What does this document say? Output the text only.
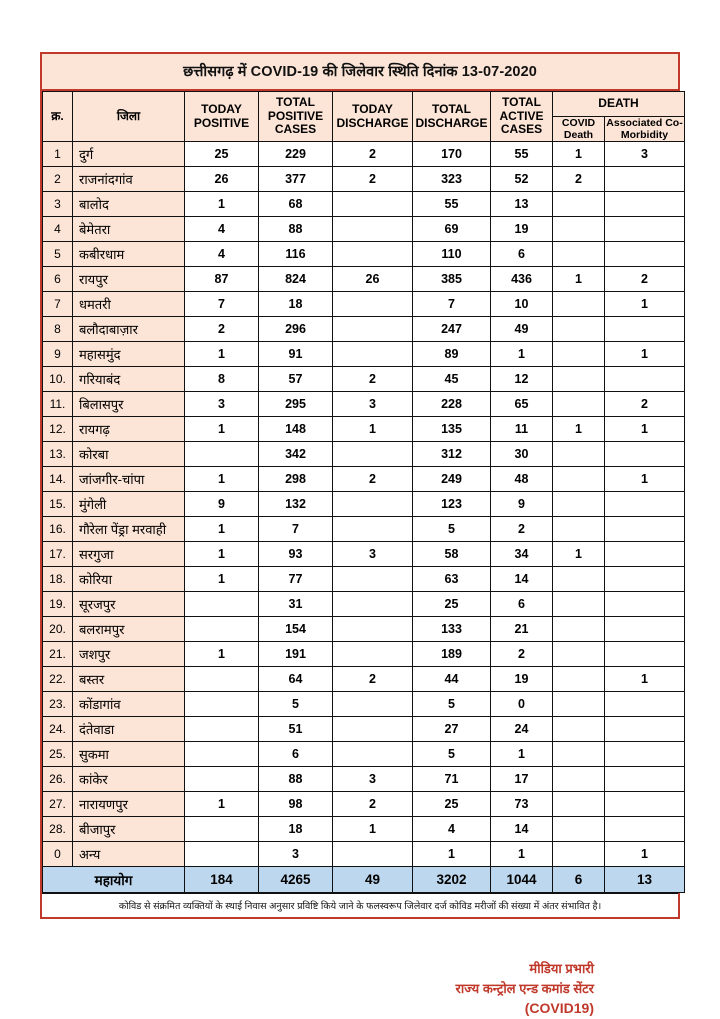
छत्तीसगढ़ में COVID-19 की जिलेवार स्थिति दिनांक 13-07-2020
क्र.	जिला	TODAY POSITIVE	TOTAL POSITIVE CASES	TODAY DISCHARGE	TOTAL DISCHARGE	TOTAL ACTIVE CASES	DEATH	
							COVID Death	Associated Co-Morbidity
1	दुर्ग	25	229	2	170	55	1	3
2	राजनांदगांव	26	377	2	323	52	2	
3	बालोद	1	68		55	13		
4	बेमेतरा	4	88		69	19		
5	कबीरधाम	4	116		110	6		
6	रायपुर	87	824	26	385	436	1	2
7	धमतरी	7	18		7	10		1
8	बलौदाबाज़ार	2	296		247	49		
9	महासमुंद	1	91		89	1		1
10.	गरियाबंद	8	57	2	45	12		
11.	बिलासपुर	3	295	3	228	65		2
12.	रायगढ़	1	148	1	135	11	1	1
13.	कोरबा		342		312	30		
14.	जांजगीर-चांपा	1	298	2	249	48		1
15.	मुंगेली	9	132		123	9		
16.	गौरेला पेंड्रा मरवाही	1	7		5	2		
17.	सरगुजा	1	93	3	58	34	1	
18.	कोरिया	1	77		63	14		
19.	सूरजपुर		31		25	6		
20.	बलरामपुर		154		133	21		
21.	जशपुर	1	191		189	2		
22.	बस्तर		64	2	44	19		1
23.	कोंडागांव		5		5	0		
24.	दंतेवाडा		51		27	24		
25.	सुकमा		6		5	1		
26.	कांकेर		88	3	71	17		
27.	नारायणपुर	1	98	2	25	73		
28.	बीजापुर		18	1	4	14		
0	अन्य		3		1	1		1
महायोग		184	4265	49	3202	1044	6	13
कोविड से संक्रमित व्यक्तियों के स्थाई निवास अनुसार प्रविष्टि किये जाने के फलस्वरूप जिलेवार दर्ज कोविड मरीजों की संख्या में अंतर संभावित है।
मीडिया प्रभारी
राज्य कन्ट्रोल एन्ड कमांड सेंटर
(COVID19)
